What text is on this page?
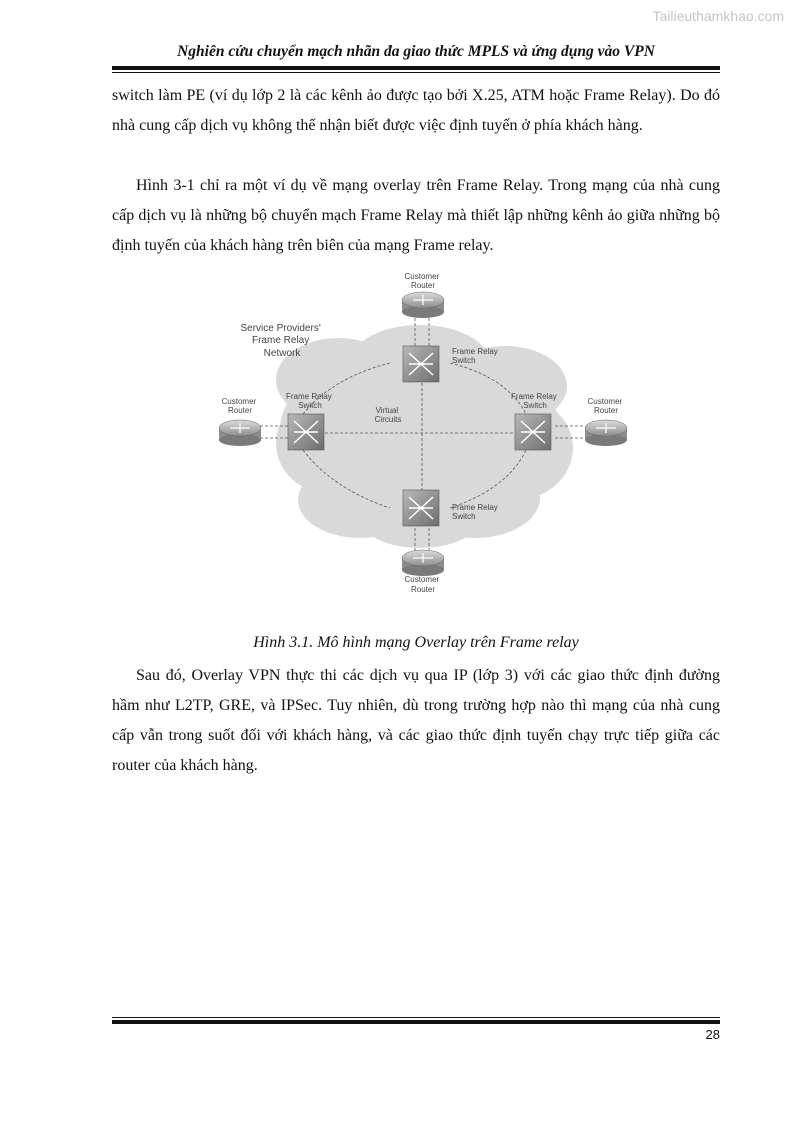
Tailieuthamkhao.com
Nghiên cứu chuyển mạch nhãn đa giao thức MPLS và ứng dụng vào VPN

switch làm PE (ví dụ lớp 2 là các kênh ảo được tạo bởi X.25, ATM hoặc Frame Relay). Do đó nhà cung cấp dịch vụ không thể nhận biết được việc định tuyến ở phía khách hàng.

Hình 3-1 chỉ ra một ví dụ về mạng overlay trên Frame Relay. Trong mạng của nhà cung cấp dịch vụ là những bộ chuyển mạch Frame Relay mà thiết lập những kênh ảo giữa những bộ định tuyến của khách hàng trên biên của mạng Frame relay.

Service Providers' Frame Relay Network
Virtual Circuits
Customer Router
Customer Router
Customer Router
Customer Router
Frame Relay Switch
Frame Relay Switch
Frame Relay Switch
Frame Relay Switch
Hình 3.1. Mô hình mạng Overlay trên Frame relay

Sau đó, Overlay VPN thực thi các dịch vụ qua IP (lớp 3) với các giao thức định đường hầm như L2TP, GRE, và IPSec. Tuy nhiên, dù trong trường hợp nào thì mạng của nhà cung cấp vẫn trong suốt đối với khách hàng, và các giao thức định tuyến chạy trực tiếp giữa các router của khách hàng.

28
